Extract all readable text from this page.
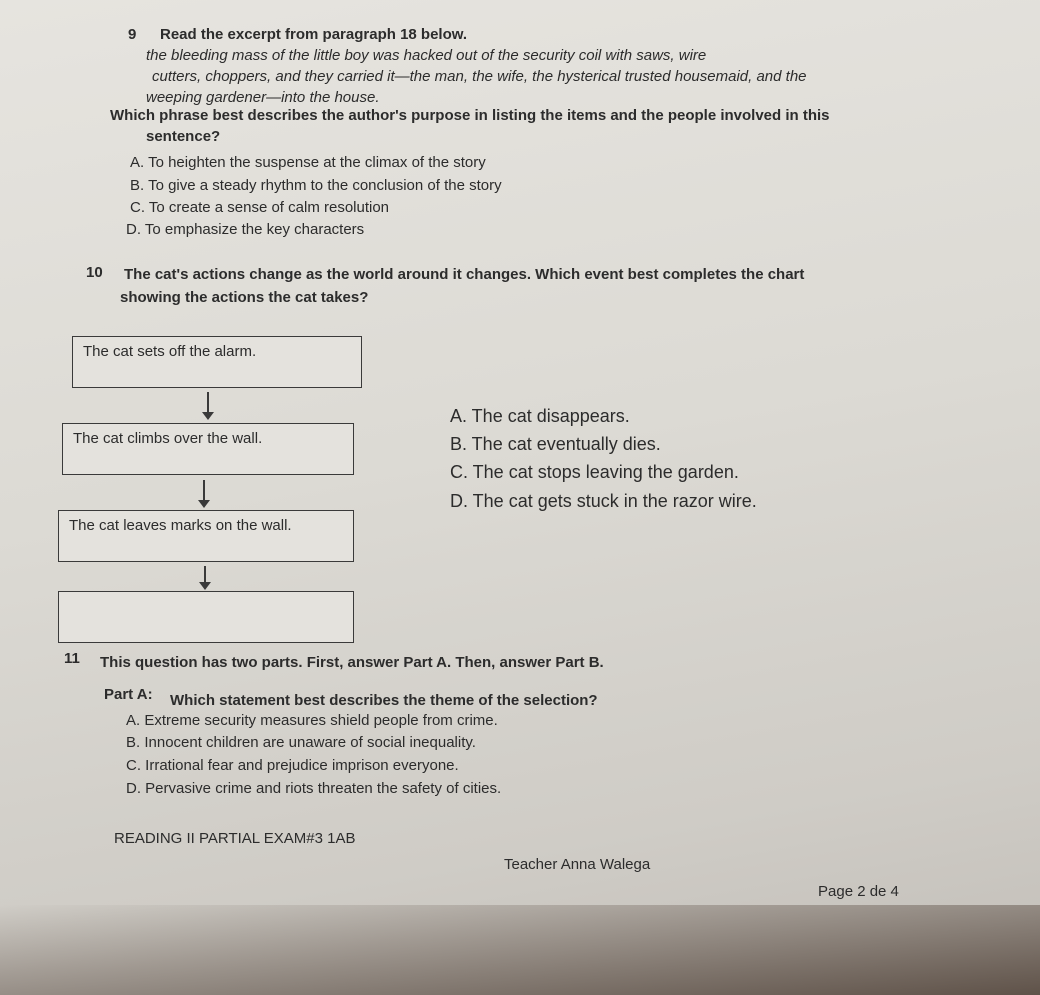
9 Read the excerpt from paragraph 18 below.
the bleeding mass of the little boy was hacked out of the security coil with saws, wire
cutters, choppers, and they carried it—the man, the wife, the hysterical trusted housemaid, and the
weeping gardener—into the house.
Which phrase best describes the author's purpose in listing the items and the people involved in this
sentence?
A. To heighten the suspense at the climax of the story
B. To give a steady rhythm to the conclusion of the story
C. To create a sense of calm resolution
D. To emphasize the key characters
10 The cat's actions change as the world around it changes. Which event best completes the chart
showing the actions the cat takes?
The cat sets off the alarm.
The cat climbs over the wall.
The cat leaves marks on the wall.
A. The cat disappears.
B. The cat eventually dies.
C. The cat stops leaving the garden.
D. The cat gets stuck in the razor wire.
11 This question has two parts. First, answer Part A. Then, answer Part B.
Part A: Which statement best describes the theme of the selection?
A. Extreme security measures shield people from crime.
B. Innocent children are unaware of social inequality.
C. Irrational fear and prejudice imprison everyone.
D. Pervasive crime and riots threaten the safety of cities.
READING II PARTIAL EXAM#3 1AB
Teacher Anna Walega
Page 2 de 4
